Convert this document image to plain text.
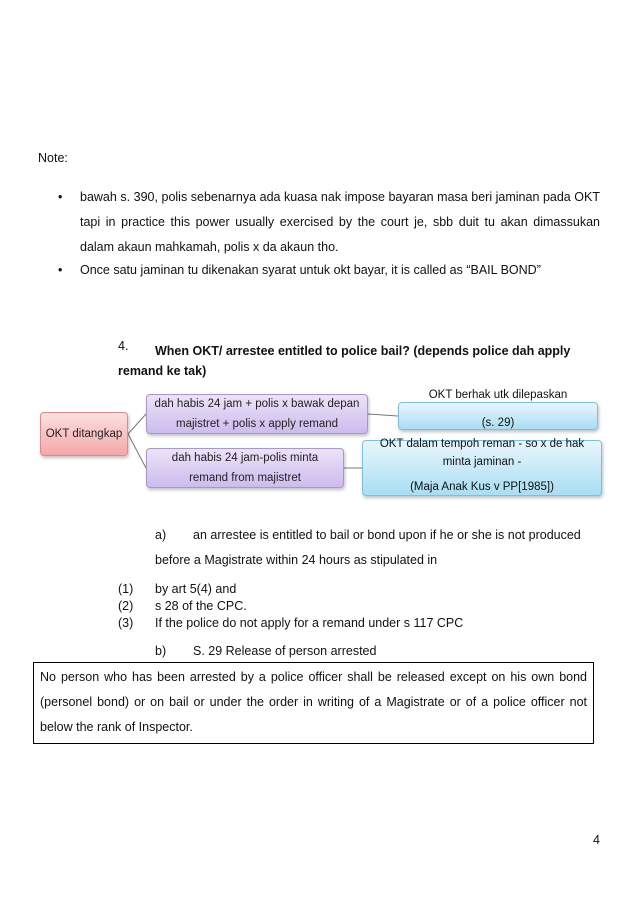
Note:
• bawah s. 390, polis sebenarnya ada kuasa nak impose bayaran masa beri jaminan pada OKT tapi in practice this power usually exercised by the court je, sbb duit tu akan dimassukan dalam akaun mahkamah, polis x da akaun tho.
• Once satu jaminan tu dikenakan syarat untuk okt bayar, it is called as “BAIL BOND”
4. When OKT/ arrestee entitled to police bail? (depends police dah apply
remand ke tak)
OKT ditangkap
dah habis 24 jam + polis x bawak depan
majistret + polis x apply remand
dah habis 24 jam-polis minta
remand from majistret
OKT berhak utk dilepaskan
(s. 29)
OKT dalam tempoh reman - so x de hak
minta jaminan -
(Maja Anak Kus v PP[1985])
a) an arrestee is entitled to bail or bond upon if he or she is not produced
before a Magistrate within 24 hours as stipulated in
(1) by art 5(4) and
(2) s 28 of the CPC.
(3) If the police do not apply for a remand under s 117 CPC
b) S. 29 Release of person arrested
No person who has been arrested by a police officer shall be released except on his own bond (personel bond) or on bail or under the order in writing of a Magistrate or of a police officer not below the rank of Inspector.
4
